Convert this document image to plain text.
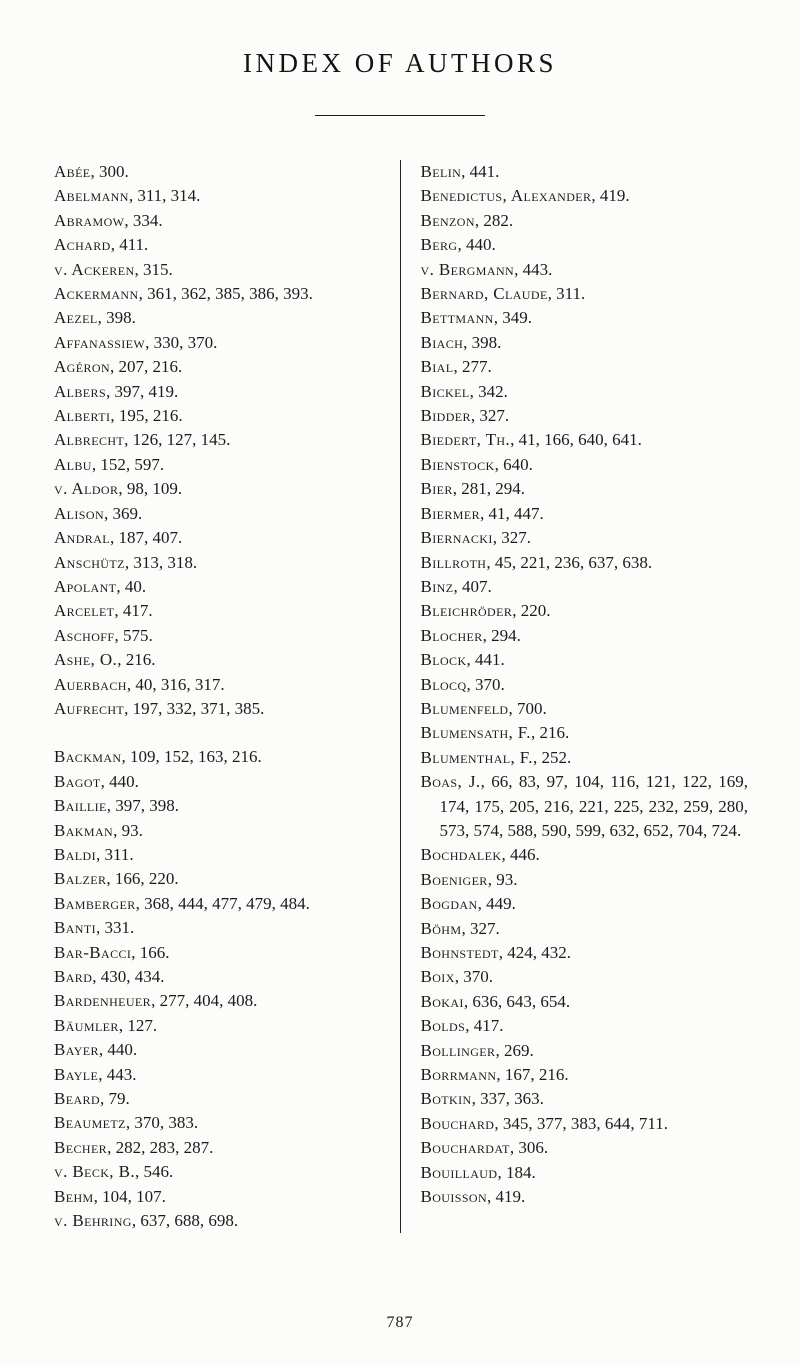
INDEX OF AUTHORS
Abée, 300.
Abelmann, 311, 314.
Abramow, 334.
Achard, 411.
v. Ackeren, 315.
Ackermann, 361, 362, 385, 386, 393.
Aezel, 398.
Affanassiew, 330, 370.
Agéron, 207, 216.
Albers, 397, 419.
Alberti, 195, 216.
Albrecht, 126, 127, 145.
Albu, 152, 597.
v. Aldor, 98, 109.
Alison, 369.
Andral, 187, 407.
Anschütz, 313, 318.
Apolant, 40.
Arcelet, 417.
Aschoff, 575.
Ashe, O., 216.
Auerbach, 40, 316, 317.
Aufrecht, 197, 332, 371, 385.
Backman, 109, 152, 163, 216.
Bagot, 440.
Baillie, 397, 398.
Bakman, 93.
Baldi, 311.
Balzer, 166, 220.
Bamberger, 368, 444, 477, 479, 484.
Banti, 331.
Bar-Bacci, 166.
Bard, 430, 434.
Bardenheuer, 277, 404, 408.
Bäumler, 127.
Bayer, 440.
Bayle, 443.
Beard, 79.
Beaumetz, 370, 383.
Becher, 282, 283, 287.
v. Beck, B., 546.
Behm, 104, 107.
v. Behring, 637, 688, 698.
Belin, 441.
Benedictus, Alexander, 419.
Benzon, 282.
Berg, 440.
v. Bergmann, 443.
Bernard, Claude, 311.
Bettmann, 349.
Biach, 398.
Bial, 277.
Bickel, 342.
Bidder, 327.
Biedert, Th., 41, 166, 640, 641.
Bienstock, 640.
Bier, 281, 294.
Biermer, 41, 447.
Biernacki, 327.
Billroth, 45, 221, 236, 637, 638.
Binz, 407.
Bleichröder, 220.
Blocher, 294.
Block, 441.
Blocq, 370.
Blumenfeld, 700.
Blumensath, F., 216.
Blumenthal, F., 252.
Boas, J., 66, 83, 97, 104, 116, 121, 122, 169, 174, 175, 205, 216, 221, 225, 232, 259, 280, 573, 574, 588, 590, 599, 632, 652, 704, 724.
Bochdalek, 446.
Boeniger, 93.
Bogdan, 449.
Böhm, 327.
Bohnstedt, 424, 432.
Boix, 370.
Bokai, 636, 643, 654.
Bolds, 417.
Bollinger, 269.
Borrmann, 167, 216.
Botkin, 337, 363.
Bouchard, 345, 377, 383, 644, 711.
Bouchardat, 306.
Bouillaud, 184.
Bouisson, 419.
787
